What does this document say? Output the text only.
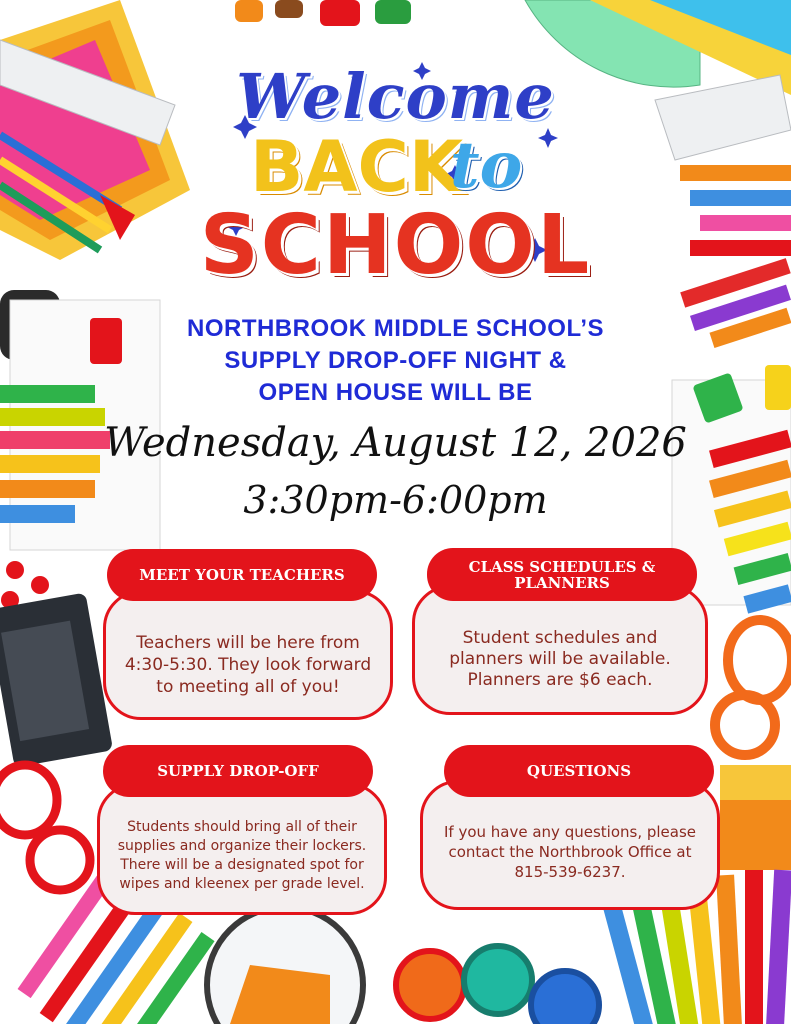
Welcome
BACK
to
SCHOOL
NORTHBROOK MIDDLE SCHOOL’S
SUPPLY DROP-OFF NIGHT &
OPEN HOUSE WILL BE
Wednesday, August 12, 2026
3:30pm-6:00pm
Teachers will be here from 4:30-5:30. They look forward to meeting all of you!
MEET YOUR TEACHERS
Student schedules and planners will be available.
Planners are $6 each.
CLASS SCHEDULES & PLANNERS
Students should bring all of their supplies and organize their lockers. There will be a designated spot for wipes and kleenex per grade level.
SUPPLY DROP-OFF
If you have any questions, please contact the Northbrook Office at 815-539-6237.
QUESTIONS
